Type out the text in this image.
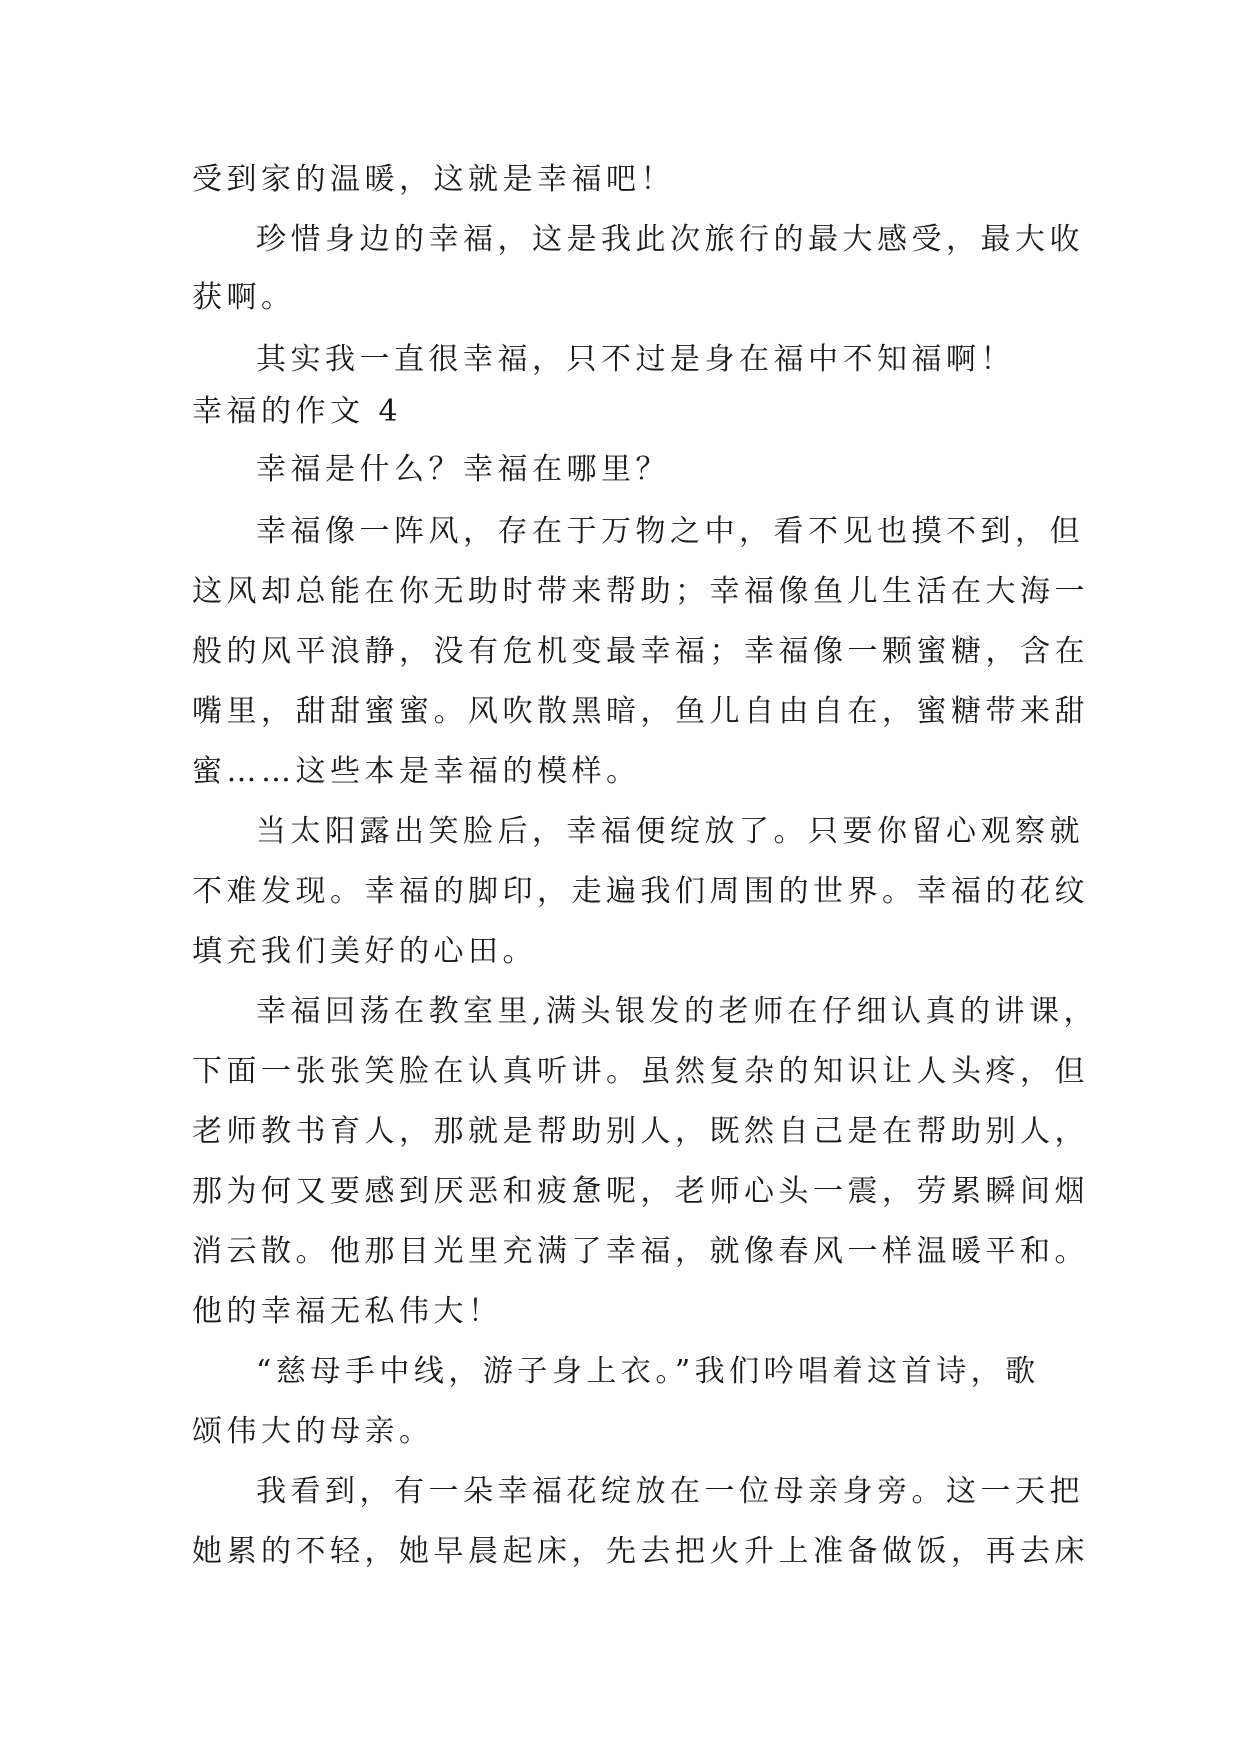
受到家的温暖，这就是幸福吧！
珍惜身边的幸福，这是我此次旅行的最大感受，最大收
获啊。
其实我一直很幸福，只不过是身在福中不知福啊！
幸福的作文 4
幸福是什么？幸福在哪里？
幸福像一阵风，存在于万物之中，看不见也摸不到，但
这风却总能在你无助时带来帮助；幸福像鱼儿生活在大海一
般的风平浪静，没有危机变最幸福；幸福像一颗蜜糖，含在
嘴里，甜甜蜜蜜。风吹散黑暗，鱼儿自由自在，蜜糖带来甜
蜜……这些本是幸福的模样。
当太阳露出笑脸后，幸福便绽放了。只要你留心观察就
不难发现。幸福的脚印，走遍我们周围的世界。幸福的花纹
填充我们美好的心田。
幸福回荡在教室里,满头银发的老师在仔细认真的讲课，
下面一张张笑脸在认真听讲。虽然复杂的知识让人头疼，但
老师教书育人，那就是帮助别人，既然自己是在帮助别人，
那为何又要感到厌恶和疲惫呢，老师心头一震，劳累瞬间烟
消云散。他那目光里充满了幸福，就像春风一样温暖平和。
他的幸福无私伟大！
“慈母手中线，游子身上衣。”我们吟唱着这首诗，歌
颂伟大的母亲。
我看到，有一朵幸福花绽放在一位母亲身旁。这一天把
她累的不轻，她早晨起床，先去把火升上准备做饭，再去床
